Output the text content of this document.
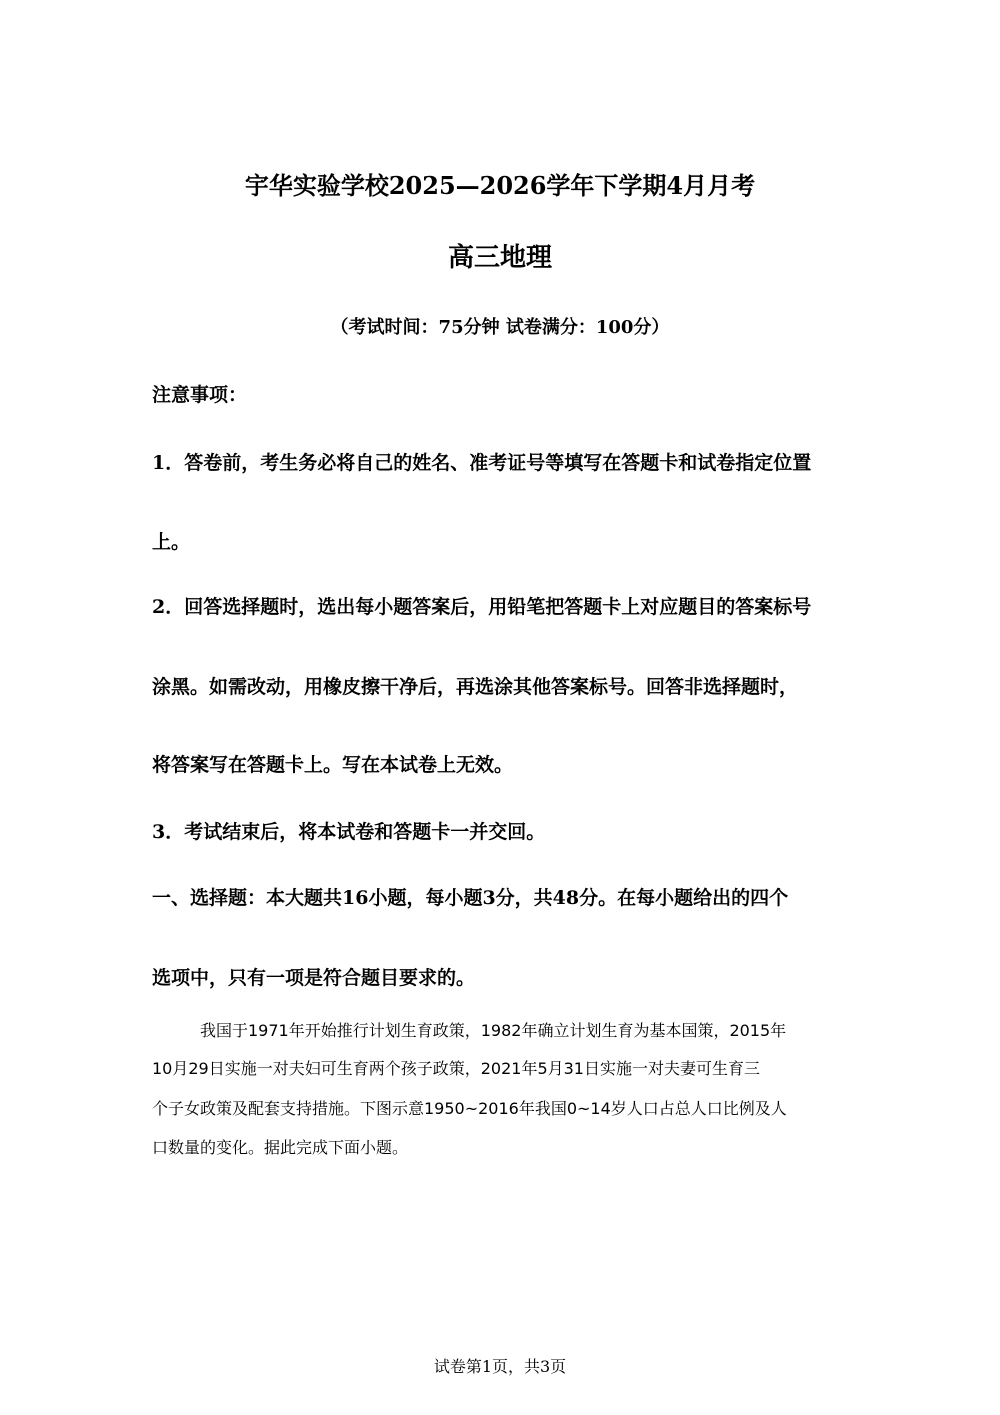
宇华实验学校2025—2026学年下学期4月月考
高三地理
（考试时间：75分钟 试卷满分：100分）
注意事项：
1．答卷前，考生务必将自己的姓名、准考证号等填写在答题卡和试卷指定位置
上。
2．回答选择题时，选出每小题答案后，用铅笔把答题卡上对应题目的答案标号
涂黑。如需改动，用橡皮擦干净后，再选涂其他答案标号。回答非选择题时，
将答案写在答题卡上。写在本试卷上无效。
3．考试结束后，将本试卷和答题卡一并交回。
一、选择题：本大题共16小题，每小题3分，共48分。在每小题给出的四个
选项中，只有一项是符合题目要求的。
我国于1971年开始推行计划生育政策，1982年确立计划生育为基本国策，2015年
10月29日实施一对夫妇可生育两个孩子政策，2021年5月31日实施一对夫妻可生育三
个子女政策及配套支持措施。下图示意1950~2016年我国0~14岁人口占总人口比例及人
口数量的变化。据此完成下面小题。
试卷第1页，共3页
